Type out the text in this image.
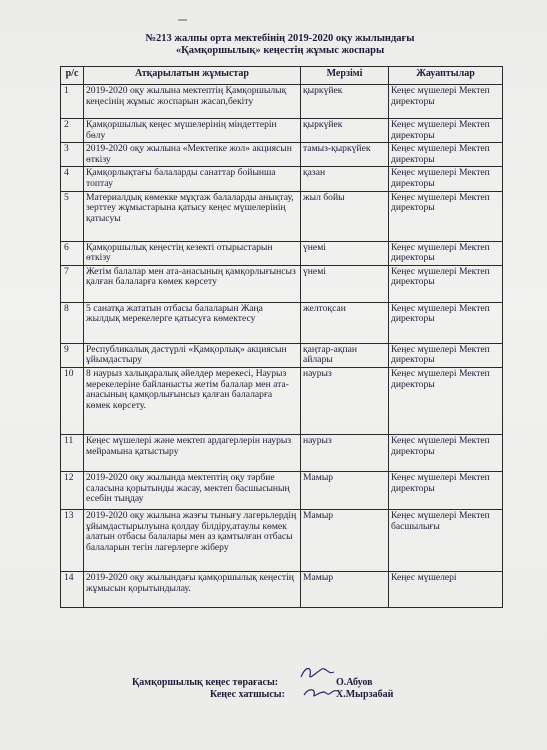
№213 жалпы орта мектебінің 2019-2020 оқу жылындағы
«Қамқоршылық» кеңестің жұмыс жоспары
р/с	Атқарылатын жұмыстар	Мерзімі	Жауаптылар
1	2019-2020 оқу жылына мектептің Қамқоршылық кеңесінің жұмыс жоспарын жасап,бекіту	қыркүйек	Кеңес мүшелері Мектеп директоры
2	Қамқоршылық кеңес мүшелерінің міндеттерін бөлу	қыркүйек	Кеңес мүшелері Мектеп директоры
3	2019-2020 оқу жылына «Мектепке жол» акциясын өткізу	тамыз-қыркүйек	Кеңес мүшелері Мектеп директоры
4	Қамқорлықтағы балаларды санаттар бойынша топтау	қазан	Кеңес мүшелері Мектеп директоры
5	Материалдық көмекке мұқтаж балаларды анықтау, зерттеу жұмыстарына қатысу кеңес мүшелерінің қатысуы	жыл бойы	Кеңес мүшелері Мектеп директоры
6	Қамқоршылық кеңестің кезекті отырыстарын өткізу	үнемі	Кеңес мүшелері Мектеп директоры
7	Жетім балалар мен ата-анасының қамқорлығынсыз қалған балаларға көмек көрсету	үнемі	Кеңес мүшелері Мектеп директоры
8	5 санатқа жататын отбасы балаларын Жаңа жылдық мерекелерге қатысуға көмектесу	желтоқсан	Кеңес мүшелері Мектеп директоры
9	Республикалық дәстүрлі «Қамқорлық» акциясын ұйымдастыру	қаңтар-ақпан айлары	Кеңес мүшелері Мектеп директоры
10	8 наурыз халықаралық әйелдер мерекесі, Наурыз мерекелеріне байланысты жетім балалар мен ата-анасының қамқорлығынсыз қалған балаларға көмек көрсету.	наурыз	Кеңес мүшелері Мектеп директоры
11	Кеңес мүшелері және мектеп ардагерлерін наурыз мейрамына қатыстыру	наурыз	Кеңес мүшелері Мектеп директоры
12	2019-2020 оқу жылында мектептің оқу тәрбие саласына қорытынды жасау, мектеп басшысының есебін тыңдау	Мамыр	Кеңес мүшелері Мектеп директоры
13	2019-2020 оқу жылына жазғы тынығу лагерьлердің ұйымдастырылуына қолдау білдіру,атаулы көмек алатын отбасы балалары мен аз қамтылған отбасы балаларын тегін лагерлерге жіберу	Мамыр	Кеңес мүшелері Мектеп басшылығы
14	2019-2020 оқу жылындағы қамқоршылық кеңестің жұмысын қорытындылау.	Мамыр	Кеңес мүшелері
Қамқоршылық кеңес төрағасы:	О.Абуов
Кеңес хатшысы:	Х.Мырзабай
